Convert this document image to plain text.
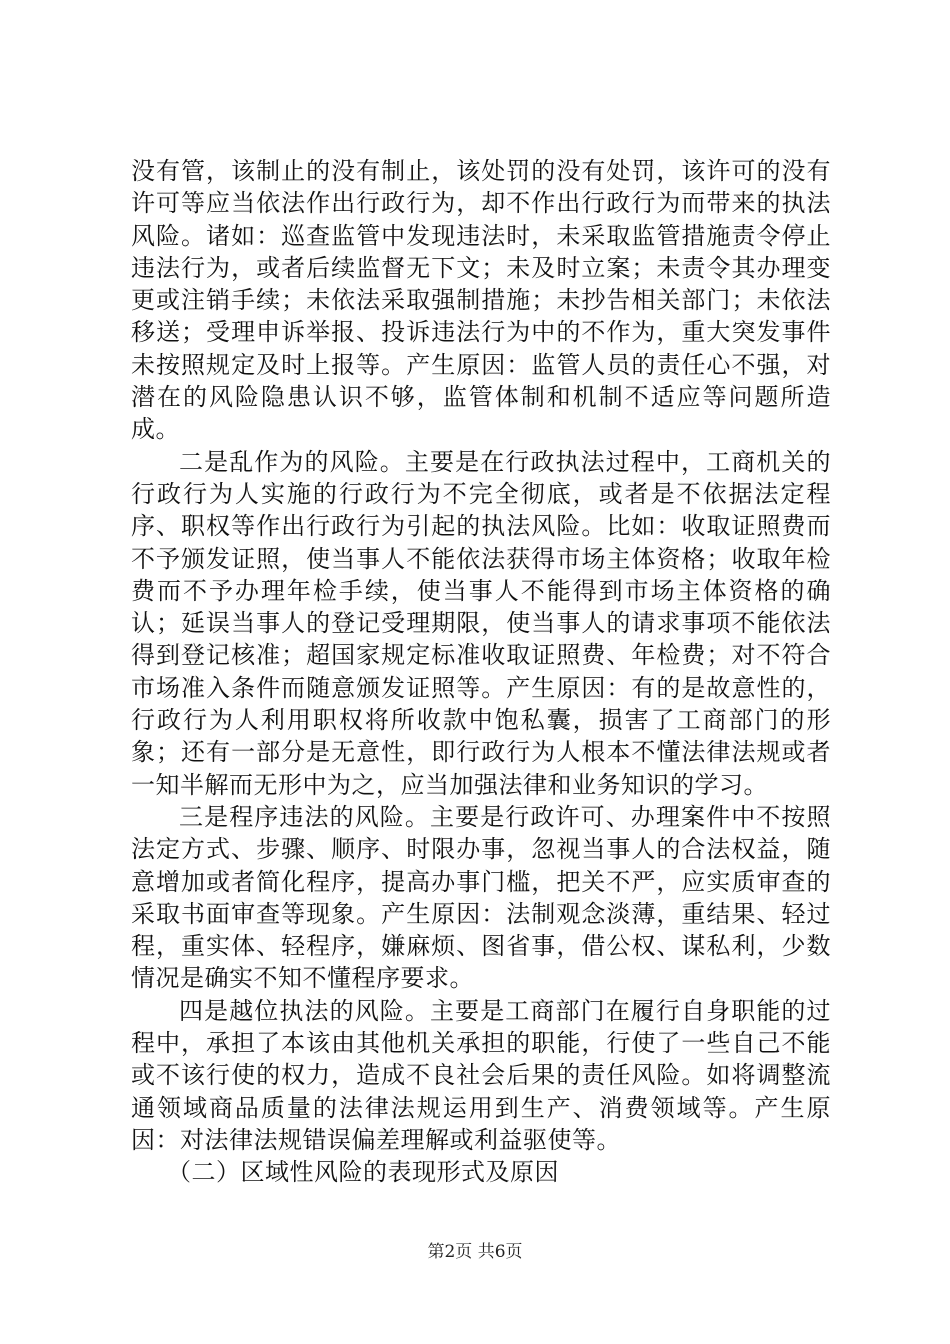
没有管，该制止的没有制止，该处罚的没有处罚，该许可的没有许可等应当依法作出行政行为，却不作出行政行为而带来的执法风险。诸如：巡查监管中发现违法时，未采取监管措施责令停止违法行为，或者后续监督无下文；未及时立案；未责令其办理变更或注销手续；未依法采取强制措施；未抄告相关部门；未依法移送；受理申诉举报、投诉违法行为中的不作为，重大突发事件未按照规定及时上报等。产生原因：监管人员的责任心不强，对潜在的风险隐患认识不够，监管体制和机制不适应等问题所造成。

二是乱作为的风险。主要是在行政执法过程中，工商机关的行政行为人实施的行政行为不完全彻底，或者是不依据法定程序、职权等作出行政行为引起的执法风险。比如：收取证照费而不予颁发证照，使当事人不能依法获得市场主体资格；收取年检费而不予办理年检手续，使当事人不能得到市场主体资格的确认；延误当事人的登记受理期限，使当事人的请求事项不能依法得到登记核准；超国家规定标准收取证照费、年检费；对不符合市场准入条件而随意颁发证照等。产生原因：有的是故意性的，行政行为人利用职权将所收款中饱私囊，损害了工商部门的形象；还有一部分是无意性，即行政行为人根本不懂法律法规或者一知半解而无形中为之，应当加强法律和业务知识的学习。

三是程序违法的风险。主要是行政许可、办理案件中不按照法定方式、步骤、顺序、时限办事，忽视当事人的合法权益，随意增加或者简化程序，提高办事门槛，把关不严，应实质审查的采取书面审查等现象。产生原因：法制观念淡薄，重结果、轻过程，重实体、轻程序，嫌麻烦、图省事，借公权、谋私利，少数情况是确实不知不懂程序要求。

四是越位执法的风险。主要是工商部门在履行自身职能的过程中，承担了本该由其他机关承担的职能，行使了一些自己不能或不该行使的权力，造成不良社会后果的责任风险。如将调整流通领域商品质量的法律法规运用到生产、消费领域等。产生原因：对法律法规错误偏差理解或利益驱使等。

（二）区域性风险的表现形式及原因

第2页 共6页
